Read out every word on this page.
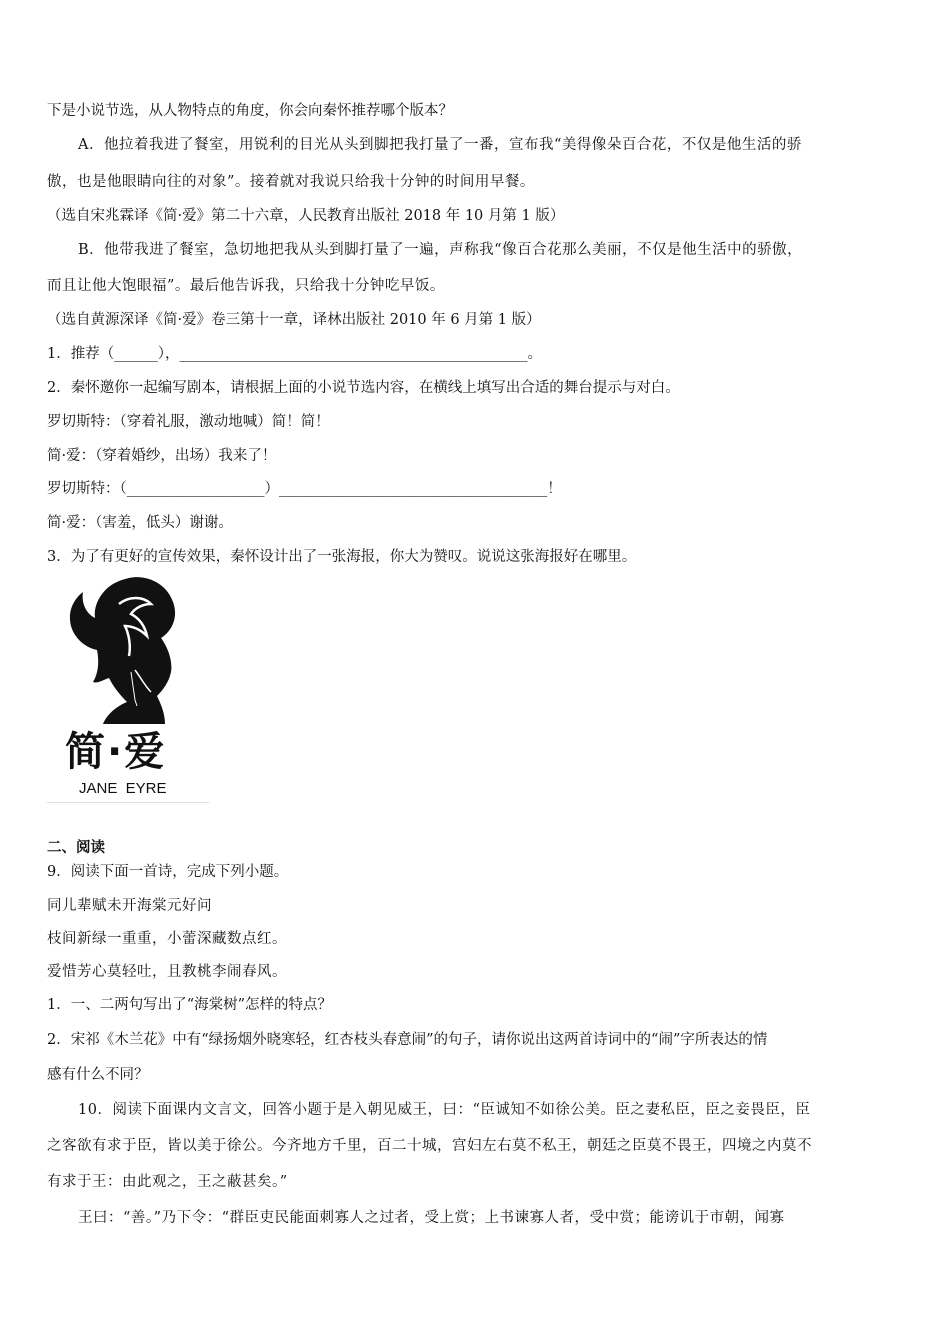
下是小说节选，从人物特点的角度，你会向秦怀推荐哪个版本？
A．他拉着我进了餐室，用锐利的目光从头到脚把我打量了一番，宣布我“美得像朵百合花，不仅是他生活的骄
傲，也是他眼睛向往的对象”。接着就对我说只给我十分钟的时间用早餐。
（选自宋兆霖译《简·爱》第二十六章，人民教育出版社 2018 年 10 月第 1 版）
B．他带我进了餐室，急切地把我从头到脚打量了一遍，声称我“像百合花那么美丽，不仅是他生活中的骄傲，
而且让他大饱眼福”。最后他告诉我，只给我十分钟吃早饭。
（选自黄源深译《简·爱》卷三第十一章，译林出版社 2010 年 6 月第 1 版）
1．推荐（______），________________________________________________。
2．秦怀邀你一起编写剧本，请根据上面的小说节选内容，在横线上填写出合适的舞台提示与对白。
罗切斯特：（穿着礼服，激动地喊）简！简！
简·爱：（穿着婚纱，出场）我来了！
罗切斯特：（___________________）_____________________________________！
简·爱：（害羞，低头）谢谢。
3．为了有更好的宣传效果，秦怀设计出了一张海报，你大为赞叹。说说这张海报好在哪里。
简·爱
JANE  EYRE
二、阅读
9．阅读下面一首诗，完成下列小题。
同儿辈赋未开海棠元好问
枝间新绿一重重，小蕾深藏数点红。
爱惜芳心莫轻吐，且教桃李闹春风。
1．一、二两句写出了“海棠树”怎样的特点？
2．宋祁《木兰花》中有“绿扬烟外晓寒轻，红杏枝头春意闹”的句子，请你说出这两首诗词中的“闹”字所表达的情
感有什么不同？
10．阅读下面课内文言文，回答小题于是入朝见威王，曰：“臣诚知不如徐公美。臣之妻私臣，臣之妾畏臣，臣
之客欲有求于臣，皆以美于徐公。今齐地方千里，百二十城，宫妇左右莫不私王，朝廷之臣莫不畏王，四境之内莫不
有求于王：由此观之，王之蔽甚矣。”
王曰：“善。”乃下令：“群臣吏民能面刺寡人之过者，受上赏；上书谏寡人者，受中赏；能谤讥于市朝，闻寡
